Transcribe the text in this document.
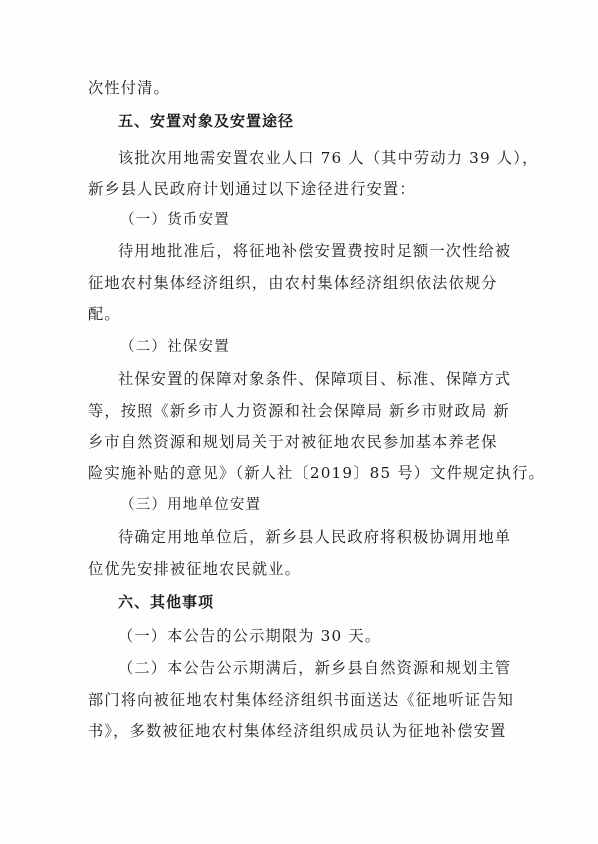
次性付清。
五、安置对象及安置途径
该批次用地需安置农业人口 76 人（其中劳动力 39 人），
新乡县人民政府计划通过以下途径进行安置：
（一）货币安置
待用地批准后，将征地补偿安置费按时足额一次性给被
征地农村集体经济组织，由农村集体经济组织依法依规分
配。
（二）社保安置
社保安置的保障对象条件、保障项目、标准、保障方式
等，按照《新乡市人力资源和社会保障局 新乡市财政局 新
乡市自然资源和规划局关于对被征地农民参加基本养老保
险实施补贴的意见》（新人社〔2019〕85 号）文件规定执行。
（三）用地单位安置
待确定用地单位后，新乡县人民政府将积极协调用地单
位优先安排被征地农民就业。
六、其他事项
（一）本公告的公示期限为 30 天。
（二）本公告公示期满后，新乡县自然资源和规划主管
部门将向被征地农村集体经济组织书面送达《征地听证告知
书》，多数被征地农村集体经济组织成员认为征地补偿安置
